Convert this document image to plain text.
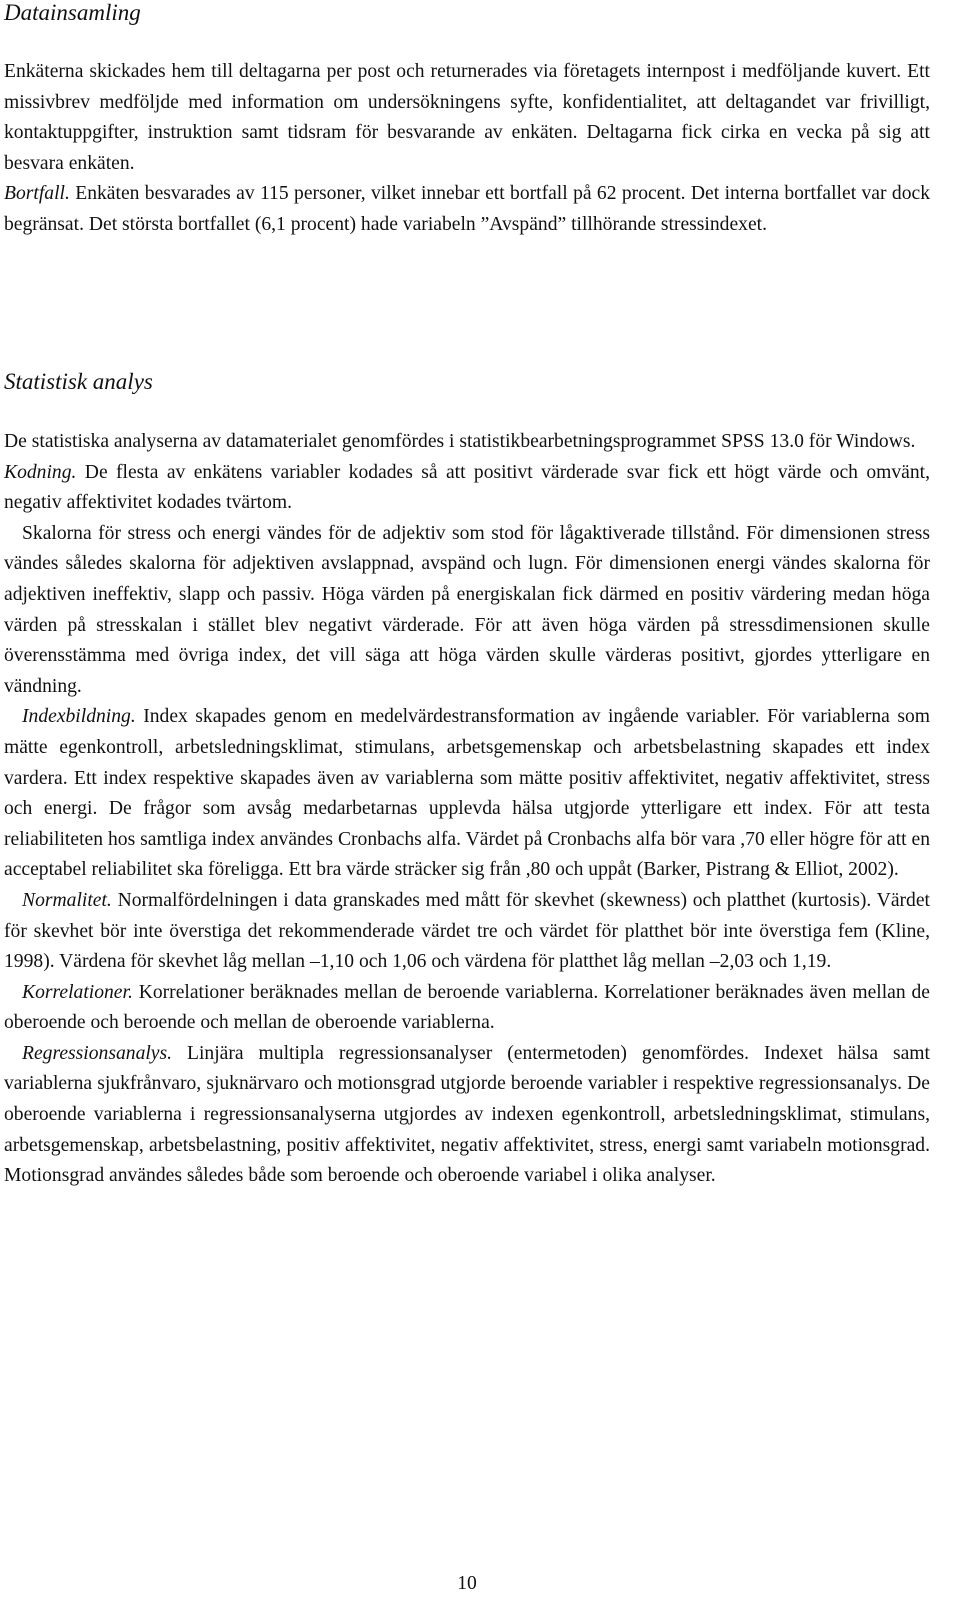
Datainsamling

Enkäterna skickades hem till deltagarna per post och returnerades via företagets internpost i medföljande kuvert. Ett missivbrev medföljde med information om undersökningens syfte, konfidentialitet, att deltagandet var frivilligt, kontaktuppgifter, instruktion samt tidsram för besvarande av enkäten. Deltagarna fick cirka en vecka på sig att besvara enkäten.

Bortfall. Enkäten besvarades av 115 personer, vilket innebar ett bortfall på 62 procent. Det interna bortfallet var dock begränsat. Det största bortfallet (6,1 procent) hade variabeln ”Avspänd” tillhörande stressindexet.

Statistisk analys

De statistiska analyserna av datamaterialet genomfördes i statistikbearbetningsprogrammet SPSS 13.0 för Windows.

Kodning. De flesta av enkätens variabler kodades så att positivt värderade svar fick ett högt värde och omvänt, negativ affektivitet kodades tvärtom.

Skalorna för stress och energi vändes för de adjektiv som stod för lågaktiverade tillstånd. För dimensionen stress vändes således skalorna för adjektiven avslappnad, avspänd och lugn. För dimensionen energi vändes skalorna för adjektiven ineffektiv, slapp och passiv. Höga värden på energiskalan fick därmed en positiv värdering medan höga värden på stresskalan i stället blev negativt värderade. För att även höga värden på stressdimensionen skulle överensstämma med övriga index, det vill säga att höga värden skulle värderas positivt, gjordes ytterligare en vändning.

Indexbildning. Index skapades genom en medelvärdestransformation av ingående variabler. För variablerna som mätte egenkontroll, arbetsledningsklimat, stimulans, arbetsgemenskap och arbetsbelastning skapades ett index vardera. Ett index respektive skapades även av variablerna som mätte positiv affektivitet, negativ affektivitet, stress och energi. De frågor som avsåg medarbetarnas upplevda hälsa utgjorde ytterligare ett index. För att testa reliabiliteten hos samtliga index användes Cronbachs alfa. Värdet på Cronbachs alfa bör vara ,70 eller högre för att en acceptabel reliabilitet ska föreligga. Ett bra värde sträcker sig från ,80 och uppåt (Barker, Pistrang & Elliot, 2002).

Normalitet. Normalfördelningen i data granskades med mått för skevhet (skewness) och platthet (kurtosis). Värdet för skevhet bör inte överstiga det rekommenderade värdet tre och värdet för platthet bör inte överstiga fem (Kline, 1998). Värdena för skevhet låg mellan –1,10 och 1,06 och värdena för platthet låg mellan –2,03 och 1,19.

Korrelationer. Korrelationer beräknades mellan de beroende variablerna. Korrelationer beräknades även mellan de oberoende och beroende och mellan de oberoende variablerna.

Regressionsanalys. Linjära multipla regressionsanalyser (entermetoden) genomfördes. Indexet hälsa samt variablerna sjukfrånvaro, sjuknärvaro och motionsgrad utgjorde beroende variabler i respektive regressionsanalys. De oberoende variablerna i regressionsanalyserna utgjordes av indexen egenkontroll, arbetsledningsklimat, stimulans, arbetsgemenskap, arbetsbelastning, positiv affektivitet, negativ affektivitet, stress, energi samt variabeln motionsgrad. Motionsgrad användes således både som beroende och oberoende variabel i olika analyser.

10
